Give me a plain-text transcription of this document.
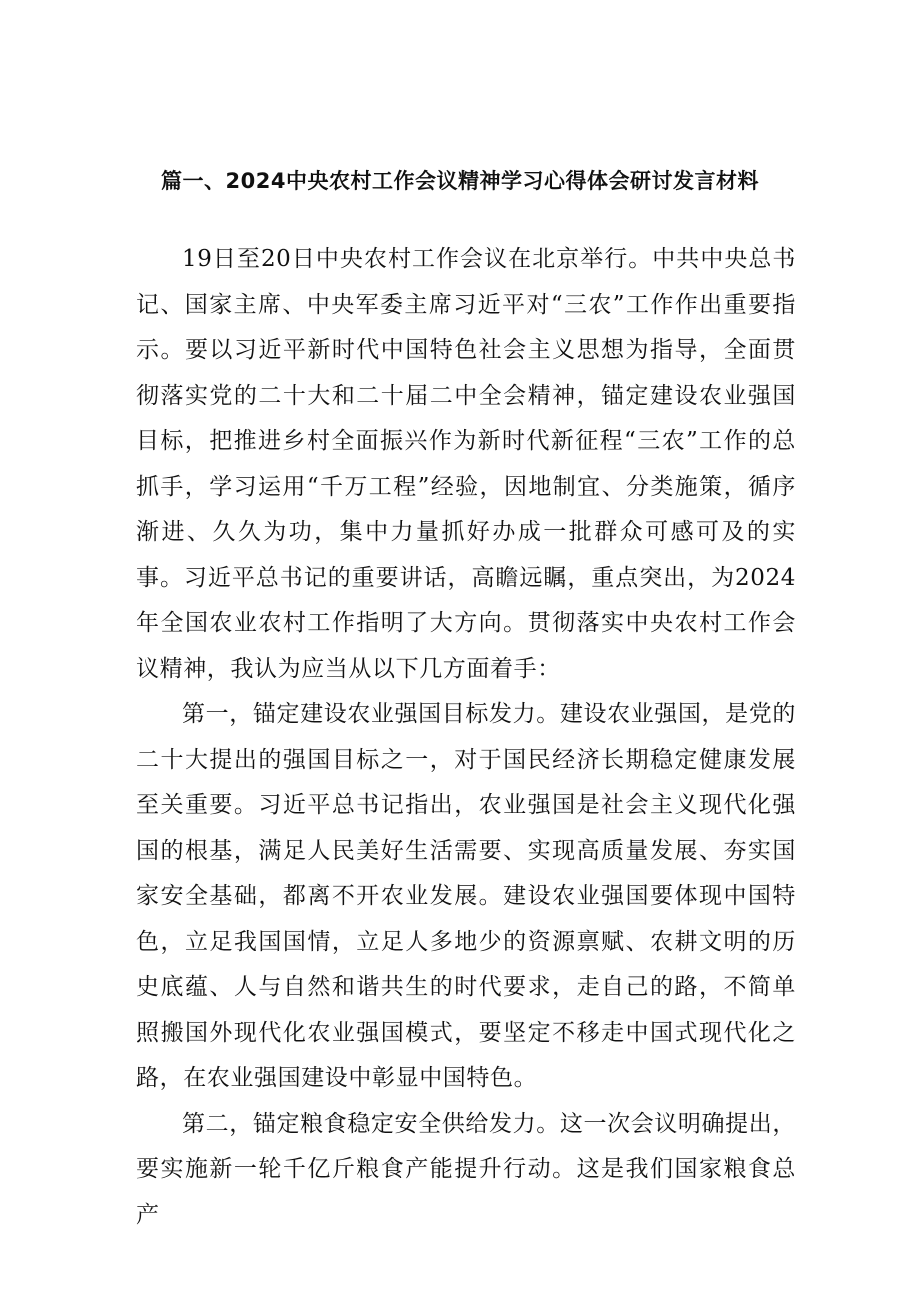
篇一、2024中央农村工作会议精神学习心得体会研讨发言材料

19日至20日中央农村工作会议在北京举行。中共中央总书记、国家主席、中央军委主席习近平对“三农”工作作出重要指示。要以习近平新时代中国特色社会主义思想为指导，全面贯彻落实党的二十大和二十届二中全会精神，锚定建设农业强国目标，把推进乡村全面振兴作为新时代新征程“三农”工作的总抓手，学习运用“千万工程”经验，因地制宜、分类施策，循序渐进、久久为功，集中力量抓好办成一批群众可感可及的实事。习近平总书记的重要讲话，高瞻远瞩，重点突出，为2024年全国农业农村工作指明了大方向。贯彻落实中央农村工作会议精神，我认为应当从以下几方面着手：

第一，锚定建设农业强国目标发力。建设农业强国，是党的二十大提出的强国目标之一，对于国民经济长期稳定健康发展至关重要。习近平总书记指出，农业强国是社会主义现代化强国的根基，满足人民美好生活需要、实现高质量发展、夯实国家安全基础，都离不开农业发展。建设农业强国要体现中国特色，立足我国国情，立足人多地少的资源禀赋、农耕文明的历史底蕴、人与自然和谐共生的时代要求，走自己的路，不简单照搬国外现代化农业强国模式，要坚定不移走中国式现代化之路，在农业强国建设中彰显中国特色。

第二，锚定粮食稳定安全供给发力。这一次会议明确提出，要实施新一轮千亿斤粮食产能提升行动。这是我们国家粮食总产
